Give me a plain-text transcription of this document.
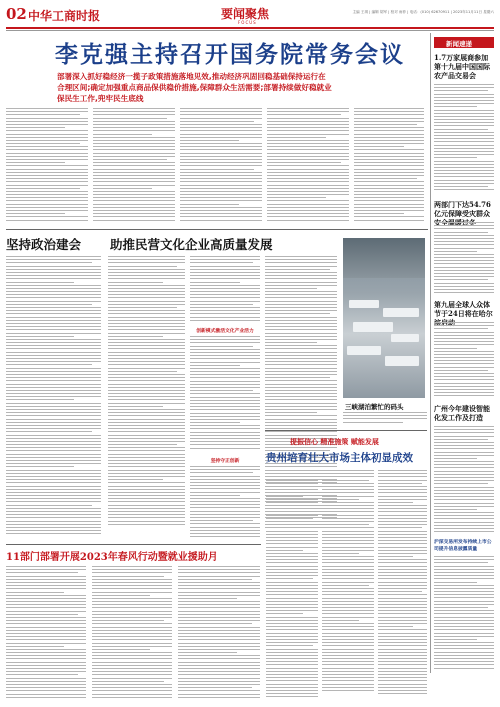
02 中华工商时报	要闻聚焦
FOCUS
主编 王琪 | 编辑 胡军 | 校对 雨菲 | 电话：(010) 62670911 | 2023年11月11日 星期六
李克强主持召开国务院常务会议
部署深入抓好稳经济一揽子政策措施落地见效,推动经济巩固回稳基础保持运行在
合理区间;确定加强重点商品保供稳价措施,保障群众生活需要;部署持续做好稳就业
保民生工作,兜牢民生底线
新闻速递
1.7万家展商参加第十九届中国国际农产品交易会
两部门下达54.76亿元保障受灾群众
第九届全球人众体节于24日将在哈尔
广州今年建设智能化发工作及打造
沪深交易所发布持续上市公司提升信息披露质量
坚持政治建会 助推民营文化企业高质量发展
创新模式激活文化产业活力
坚持守正创新
三峡湖泊繁忙的码头
提振信心 精准施策 赋能发展
贵州培育壮大市场主体初显成效
11部门部署开展2023年春风行动暨就业援助月
